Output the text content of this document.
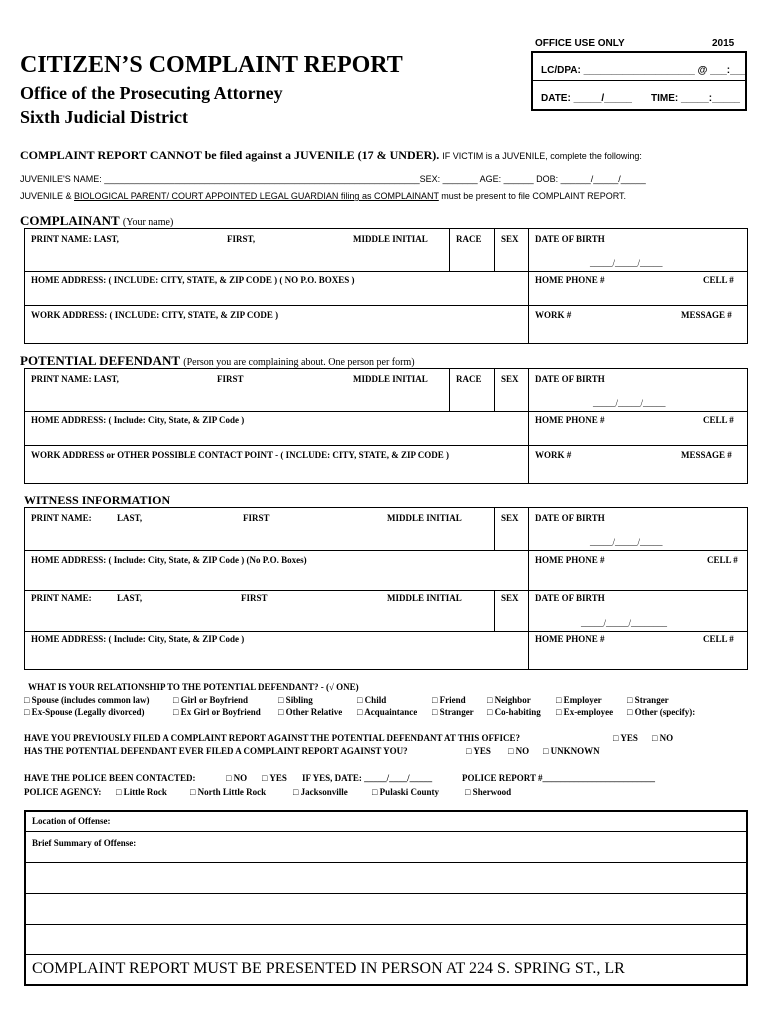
OFFICE USE ONLY	2015
LC/DPA: ____________________ @ ___:___
DATE: _____/_____ TIME: _____:_____
CITIZEN’S COMPLAINT REPORT
Office of the Prosecuting Attorney
Sixth Judicial District
COMPLAINT REPORT CANNOT be filed against a JUVENILE (17 & UNDER). IF VICTIM is a JUVENILE, complete the following:
JUVENILE'S NAME: _______________________________________________________________SEX: _______ AGE: ______ DOB: ______/_____/_____
JUVENILE & BIOLOGICAL PARENT/ COURT APPOINTED LEGAL GUARDIAN filing as COMPLAINANT must be present to file COMPLAINT REPORT.
COMPLAINANT (Your name)
PRINT NAME: LAST,	FIRST,	MIDDLE INITIAL	RACE SEX DATE OF BIRTH
_____/_____/_____
HOME ADDRESS: ( INCLUDE: CITY, STATE, & ZIP CODE ) ( NO P.O. BOXES )	HOME PHONE #	CELL #
WORK ADDRESS: ( INCLUDE: CITY, STATE, & ZIP CODE )	WORK #	MESSAGE #
POTENTIAL DEFENDANT (Person you are complaining about. One person per form)
PRINT NAME: LAST,	FIRST	MIDDLE INITIAL	RACE SEX DATE OF BIRTH
_____/_____/_____
HOME ADDRESS: ( Include: City, State, & ZIP Code )	HOME PHONE #	CELL #
WORK ADDRESS or OTHER POSSIBLE CONTACT POINT - ( INCLUDE: CITY, STATE, & ZIP CODE )	WORK #	MESSAGE #
WITNESS INFORMATION
PRINT NAME:	LAST,	FIRST	MIDDLE INITIAL	SEX DATE OF BIRTH
_____/_____/_____
HOME ADDRESS: ( Include: City, State, & ZIP Code ) (No P.O. Boxes)	HOME PHONE #	CELL #
PRINT NAME:	LAST,	FIRST	MIDDLE INITIAL	SEX DATE OF BIRTH
_____/_____/________
HOME ADDRESS: ( Include: City, State, & ZIP Code )	HOME PHONE #	CELL #
WHAT IS YOUR RELATIONSHIP TO THE POTENTIAL DEFENDANT? - (√ ONE)
□ Spouse (includes common law)	□ Girl or Boyfriend	□ Sibling	□ Child	□ Friend □ Neighbor	□ Employer	□ Stranger
□ Ex-Spouse (Legally divorced)	□ Ex Girl or Boyfriend □ Other Relative □ Acquaintance □ Stranger □ Co-habiting □ Ex-employee □ Other (specify):
HAVE YOU PREVIOUSLY FILED A COMPLAINT REPORT AGAINST THE POTENTIAL DEFENDANT AT THIS OFFICE?	□ YES □ NO
HAS THE POTENTIAL DEFENDANT EVER FILED A COMPLAINT REPORT AGAINST YOU?	□ YES □ NO □ UNKNOWN
HAVE THE POLICE BEEN CONTACTED:	□ NO □ YES IF YES, DATE: _____/____/_____	POLICE REPORT #_________________________
POLICE AGENCY: □ Little Rock	□ North Little Rock	□ Jacksonville	□ Pulaski County	□ Sherwood
Location of Offense:
Brief Summary of Offense:
COMPLAINT REPORT MUST BE PRESENTED IN PERSON AT 224 S. SPRING ST., LR
